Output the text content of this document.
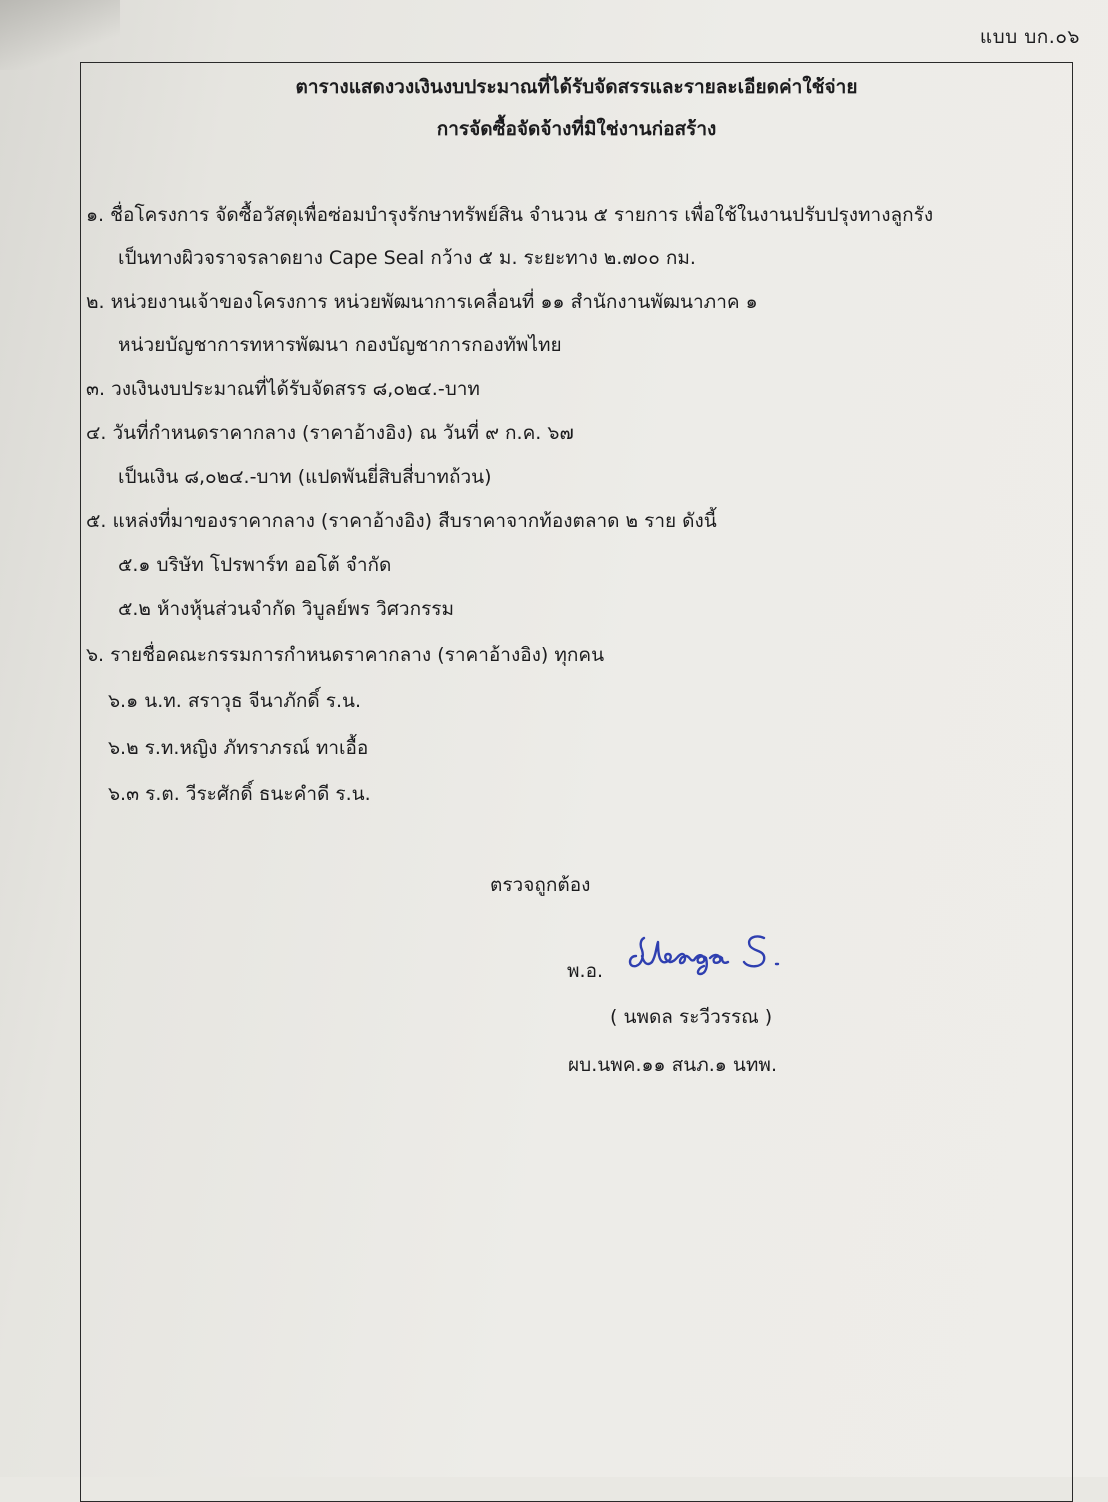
แบบ บก.๐๖
ตารางแสดงวงเงินงบประมาณที่ได้รับจัดสรรและรายละเอียดค่าใช้จ่าย
การจัดซื้อจัดจ้างที่มิใช่งานก่อสร้าง
๑. ชื่อโครงการ จัดซื้อวัสดุเพื่อซ่อมบำรุงรักษาทรัพย์สิน จำนวน ๕ รายการ เพื่อใช้ในงานปรับปรุงทางลูกรัง
เป็นทางผิวจราจรลาดยาง Cape Seal กว้าง ๕ ม. ระยะทาง ๒.๗๐๐ กม.
๒. หน่วยงานเจ้าของโครงการ หน่วยพัฒนาการเคลื่อนที่ ๑๑ สำนักงานพัฒนาภาค ๑
หน่วยบัญชาการทหารพัฒนา กองบัญชาการกองทัพไทย
๓. วงเงินงบประมาณที่ได้รับจัดสรร ๘,๐๒๔.-บาท
๔. วันที่กำหนดราคากลาง (ราคาอ้างอิง) ณ วันที่ ๙ ก.ค. ๖๗
เป็นเงิน ๘,๐๒๔.-บาท (แปดพันยี่สิบสี่บาทถ้วน)
๕. แหล่งที่มาของราคากลาง (ราคาอ้างอิง) สืบราคาจากท้องตลาด ๒ ราย ดังนี้
๕.๑ บริษัท โปรพาร์ท ออโต้ จำกัด
๕.๒ ห้างหุ้นส่วนจำกัด วิบูลย์พร วิศวกรรม
๖. รายชื่อคณะกรรมการกำหนดราคากลาง (ราคาอ้างอิง) ทุกคน
๖.๑ น.ท. สราวุธ จีนาภักดิ์ ร.น.
๖.๒ ร.ท.หญิง ภัทราภรณ์ ทาเอื้อ
๖.๓ ร.ต. วีระศักดิ์ ธนะคำดี ร.น.
ตรวจถูกต้อง
พ.อ.
( นพดล ระวีวรรณ )
ผบ.นพค.๑๑ สนภ.๑ นทพ.
